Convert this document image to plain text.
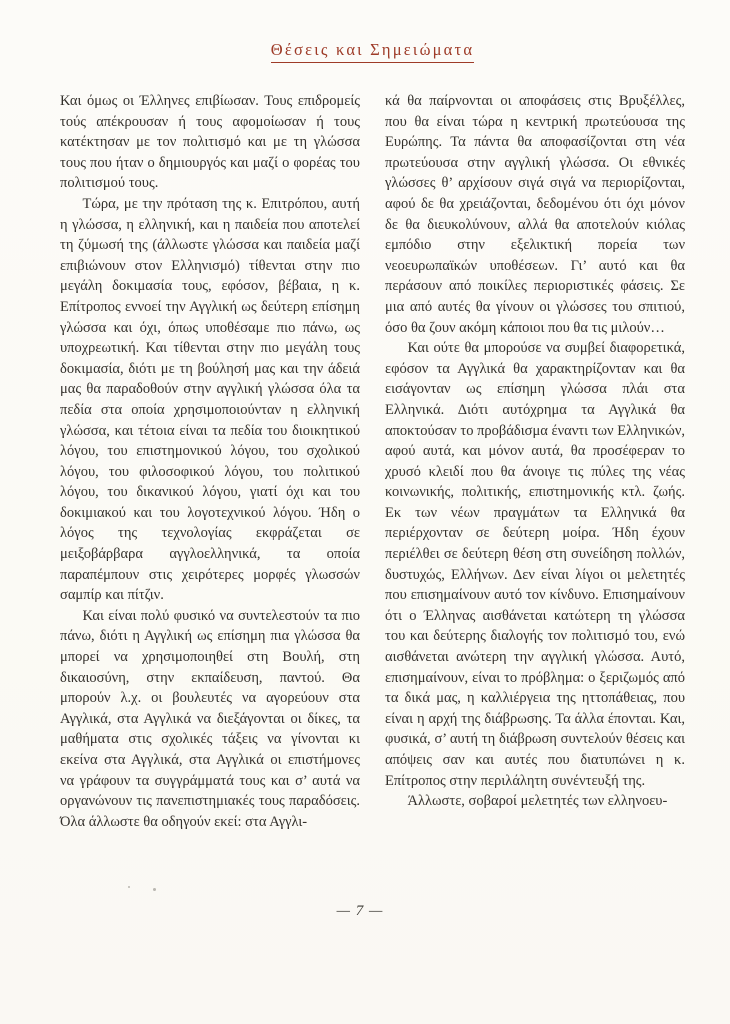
Θέσεις και Σημειώματα

Και όμως οι Έλληνες επιβίωσαν. Τους επιδρομείς τούς απέκρουσαν ή τους αφομοίωσαν ή τους κατέκτησαν με τον πολιτισμό και με τη γλώσσα τους που ήταν ο δημιουργός και μαζί ο φορέας του πολιτισμού τους.

Τώρα, με την πρόταση της κ. Επιτρόπου, αυτή η γλώσσα, η ελληνική, και η παιδεία που αποτελεί τη ζύμωσή της (άλλωστε γλώσσα και παιδεία μαζί επιβιώνουν στον Ελληνισμό) τίθενται στην πιο μεγάλη δοκιμασία τους, εφόσον, βέβαια, η κ. Επίτροπος εννοεί την Αγγλική ως δεύτερη επίσημη γλώσσα και όχι, όπως υποθέσαμε πιο πάνω, ως υποχρεωτική. Και τίθενται στην πιο μεγάλη τους δοκιμασία, διότι με τη βούλησή μας και την άδειά μας θα παραδοθούν στην αγγλική γλώσσα όλα τα πεδία στα οποία χρησιμοποιούνταν η ελληνική γλώσσα, και τέτοια είναι τα πεδία του διοικητικού λόγου, του επιστημονικού λόγου, του σχολικού λόγου, του φιλοσοφικού λόγου, του πολιτικού λόγου, του δικανικού λόγου, γιατί όχι και του δοκιμιακού και του λογοτεχνικού λόγου. Ήδη ο λόγος της τεχνολογίας εκφράζεται σε μειξοβάρβαρα αγγλοελληνικά, τα οποία παραπέμπουν στις χειρότερες μορφές γλωσσών σαμπίρ και πίτζιν.

Και είναι πολύ φυσικό να συντελεστούν τα πιο πάνω, διότι η Αγγλική ως επίσημη πια γλώσσα θα μπορεί να χρησιμοποιηθεί στη Βουλή, στη δικαιοσύνη, στην εκπαίδευση, παντού. Θα μπορούν λ.χ. οι βουλευτές να αγορεύουν στα Αγγλικά, στα Αγγλικά να διεξάγονται οι δίκες, τα μαθήματα στις σχολικές τάξεις να γίνονται κι εκείνα στα Αγγλικά, στα Αγγλικά οι επιστήμονες να γράφουν τα συγγράμματά τους και σ’ αυτά να οργανώνουν τις πανεπιστημιακές τους παραδόσεις. Όλα άλλωστε θα οδηγούν εκεί: στα Αγγλι-

κά θα παίρνονται οι αποφάσεις στις Βρυξέλλες, που θα είναι τώρα η κεντρική πρωτεύουσα της Ευρώπης. Τα πάντα θα αποφασίζονται στη νέα πρωτεύουσα στην αγγλική γλώσσα. Οι εθνικές γλώσσες θ’ αρχίσουν σιγά σιγά να περιορίζονται, αφού δε θα χρειάζονται, δεδομένου ότι όχι μόνον δε θα διευκολύνουν, αλλά θα αποτελούν κιόλας εμπόδιο στην εξελικτική πορεία των νεοευρωπαϊκών υποθέσεων. Γι’ αυτό και θα περάσουν από ποικίλες περιοριστικές φάσεις. Σε μια από αυτές θα γίνουν οι γλώσσες του σπιτιού, όσο θα ζουν ακόμη κάποιοι που θα τις μιλούν…

Και ούτε θα μπορούσε να συμβεί διαφορετικά, εφόσον τα Αγγλικά θα χαρακτηρίζονταν και θα εισάγονταν ως επίσημη γλώσσα πλάι στα Ελληνικά. Διότι αυτόχρημα τα Αγγλικά θα αποκτούσαν το προβάδισμα έναντι των Ελληνικών, αφού αυτά, και μόνον αυτά, θα προσέφεραν το χρυσό κλειδί που θα άνοιγε τις πύλες της νέας κοινωνικής, πολιτικής, επιστημονικής κτλ. ζωής. Εκ των νέων πραγμάτων τα Ελληνικά θα περιέρχονταν σε δεύτερη μοίρα. Ήδη έχουν περιέλθει σε δεύτερη θέση στη συνείδηση πολλών, δυστυχώς, Ελλήνων. Δεν είναι λίγοι οι μελετητές που επισημαίνουν αυτό τον κίνδυνο. Επισημαίνουν ότι ο Έλληνας αισθάνεται κατώτερη τη γλώσσα του και δεύτερης διαλογής τον πολιτισμό του, ενώ αισθάνεται ανώτερη την αγγλική γλώσσα. Αυτό, επισημαίνουν, είναι το πρόβλημα: ο ξεριζωμός από τα δικά μας, η καλλιέργεια της ηττοπάθειας, που είναι η αρχή της διάβρωσης. Τα άλλα έπονται. Και, φυσικά, σ’ αυτή τη διάβρωση συντελούν θέσεις και απόψεις σαν και αυτές που διατυπώνει η κ. Επίτροπος στην περιλάλητη συνέντευξή της.

Άλλωστε, σοβαροί μελετητές των ελληνοευ-

— 7 —
